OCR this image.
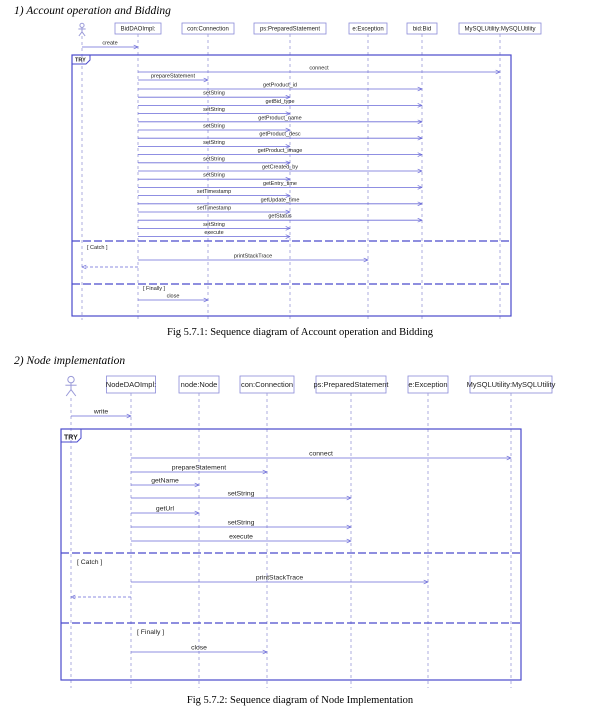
1) Account operation and Bidding
Fig 5.7.1: Sequence diagram of Account operation and Bidding
2) Node implementation
Fig 5.7.2: Sequence diagram of Node Implementation
BidDAOImpl:	con:Connection	ps:PreparedStatement	e:Exception	bid:Bid	MySQLUtility:MySQLUtility
TRY
create
connect
prepareStatement
getProduct_id
setString
getBid_type
setString
getProduct_name
setString
getProduct_desc
setString
getProduct_image
setString
getCreated_by
setString
getEntry_time
setTimestamp
getUpdate_time
setTimestamp
getStatus
setString
execute
[ Catch ]
printStackTrace
[ Finally ]
close
NodeDAOImpl:	node:Node	con:Connection	ps:PreparedStatement	e:Exception	MySQLUtility:MySQLUtility
TRY
write
connect
prepareStatement
getName
setString
getUrl
setString
execute
[ Catch ]
printStackTrace
[ Finally ]
close
